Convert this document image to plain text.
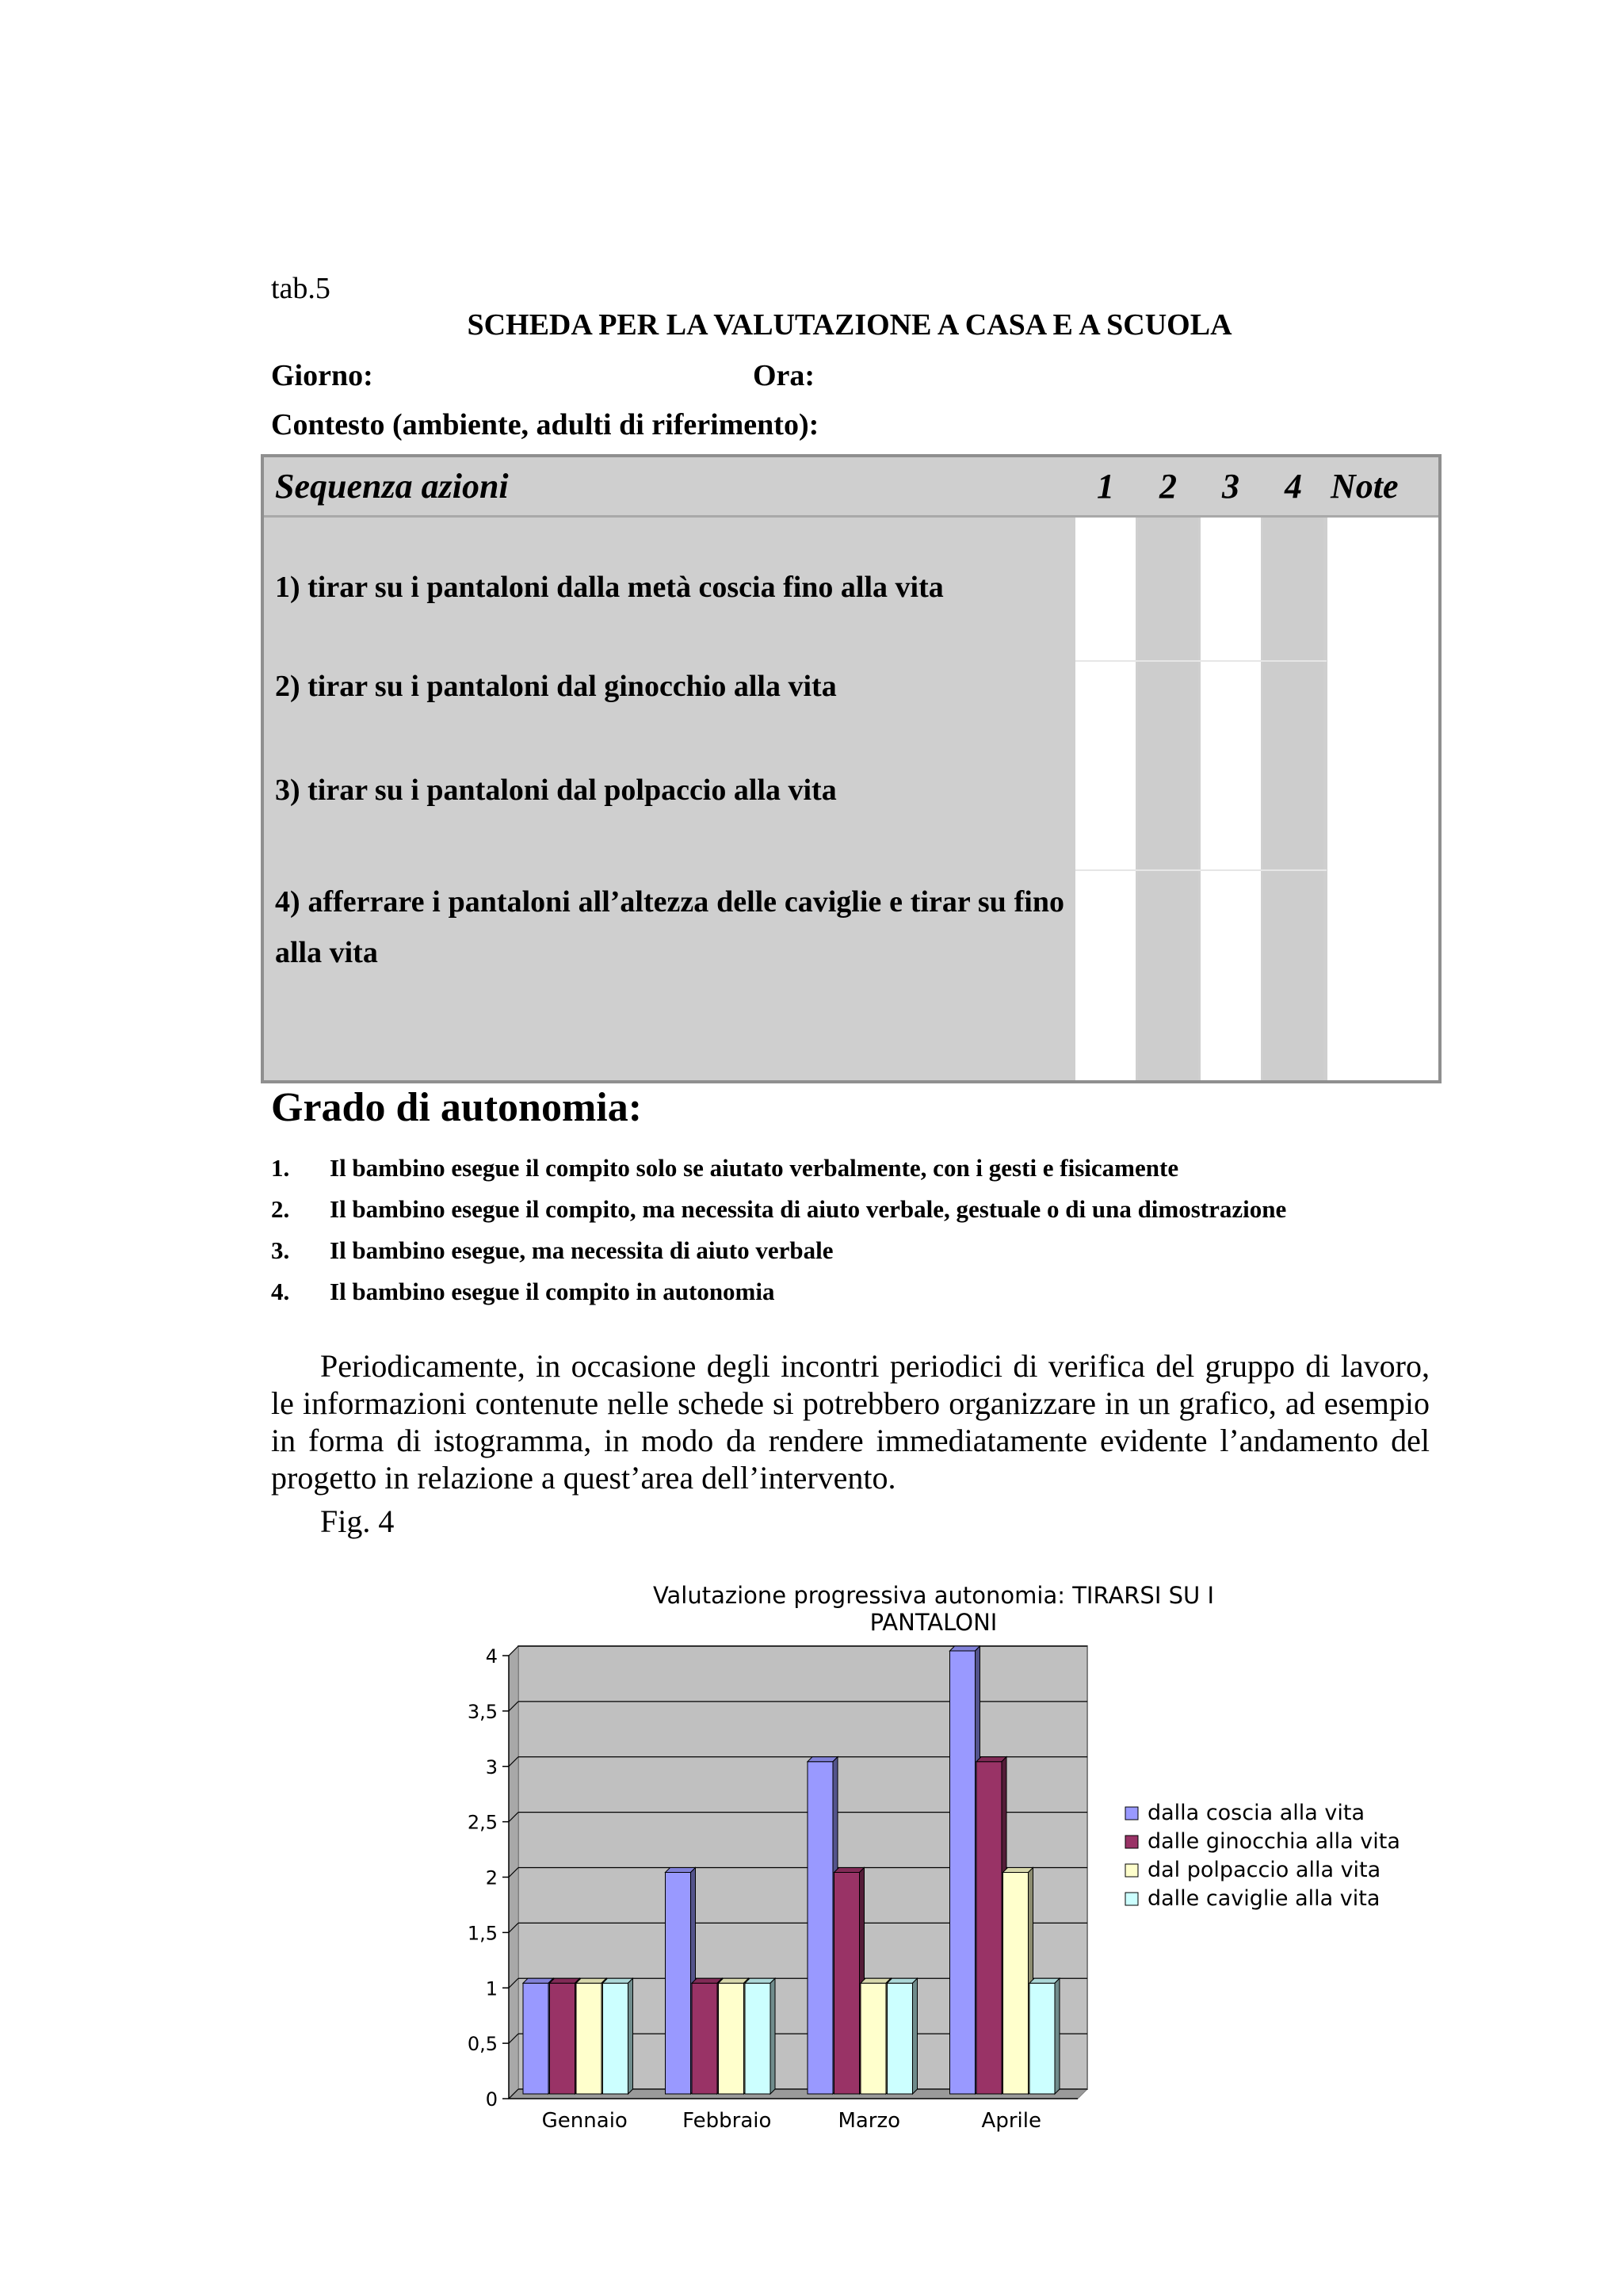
tab.5
SCHEDA PER LA VALUTAZIONE A CASA E A SCUOLA
Giorno:	Ora:
Contesto (ambiente, adulti di riferimento):
Sequenza azioni	1	2	3	4 Note
1) tirar su i pantaloni dalla metà coscia fino alla vita
2) tirar su i pantaloni dal ginocchio alla vita
3) tirar su i pantaloni dal polpaccio alla vita
4) afferrare i pantaloni all’altezza delle caviglie e tirar su fino alla vita
Grado di autonomia:
1. Il bambino esegue il compito solo se aiutato verbalmente, con i gesti e fisicamente
2. Il bambino esegue il compito, ma necessita di aiuto verbale, gestuale o di una dimostrazione
3. Il bambino esegue, ma necessita di aiuto verbale
4. Il bambino esegue il compito in autonomia

Periodicamente, in occasione degli incontri periodici di verifica del gruppo di lavoro, le informazioni contenute nelle schede si potrebbero organizzare in un grafico, ad esempio in forma di istogramma, in modo da rendere immediatamente evidente l’andamento del progetto in relazione a quest’area dell’intervento.

Fig. 4
Valutazione progressiva autonomia: TIRARSI SU I
PANTALONI
0
0,5
1
1,5
2
2,5
3
3,5
4
Gennaio	Febbraio	Marzo	Aprile
dalla coscia alla vita
dalle ginocchia alla vita
dal polpaccio alla vita
dalle caviglie alla vita
